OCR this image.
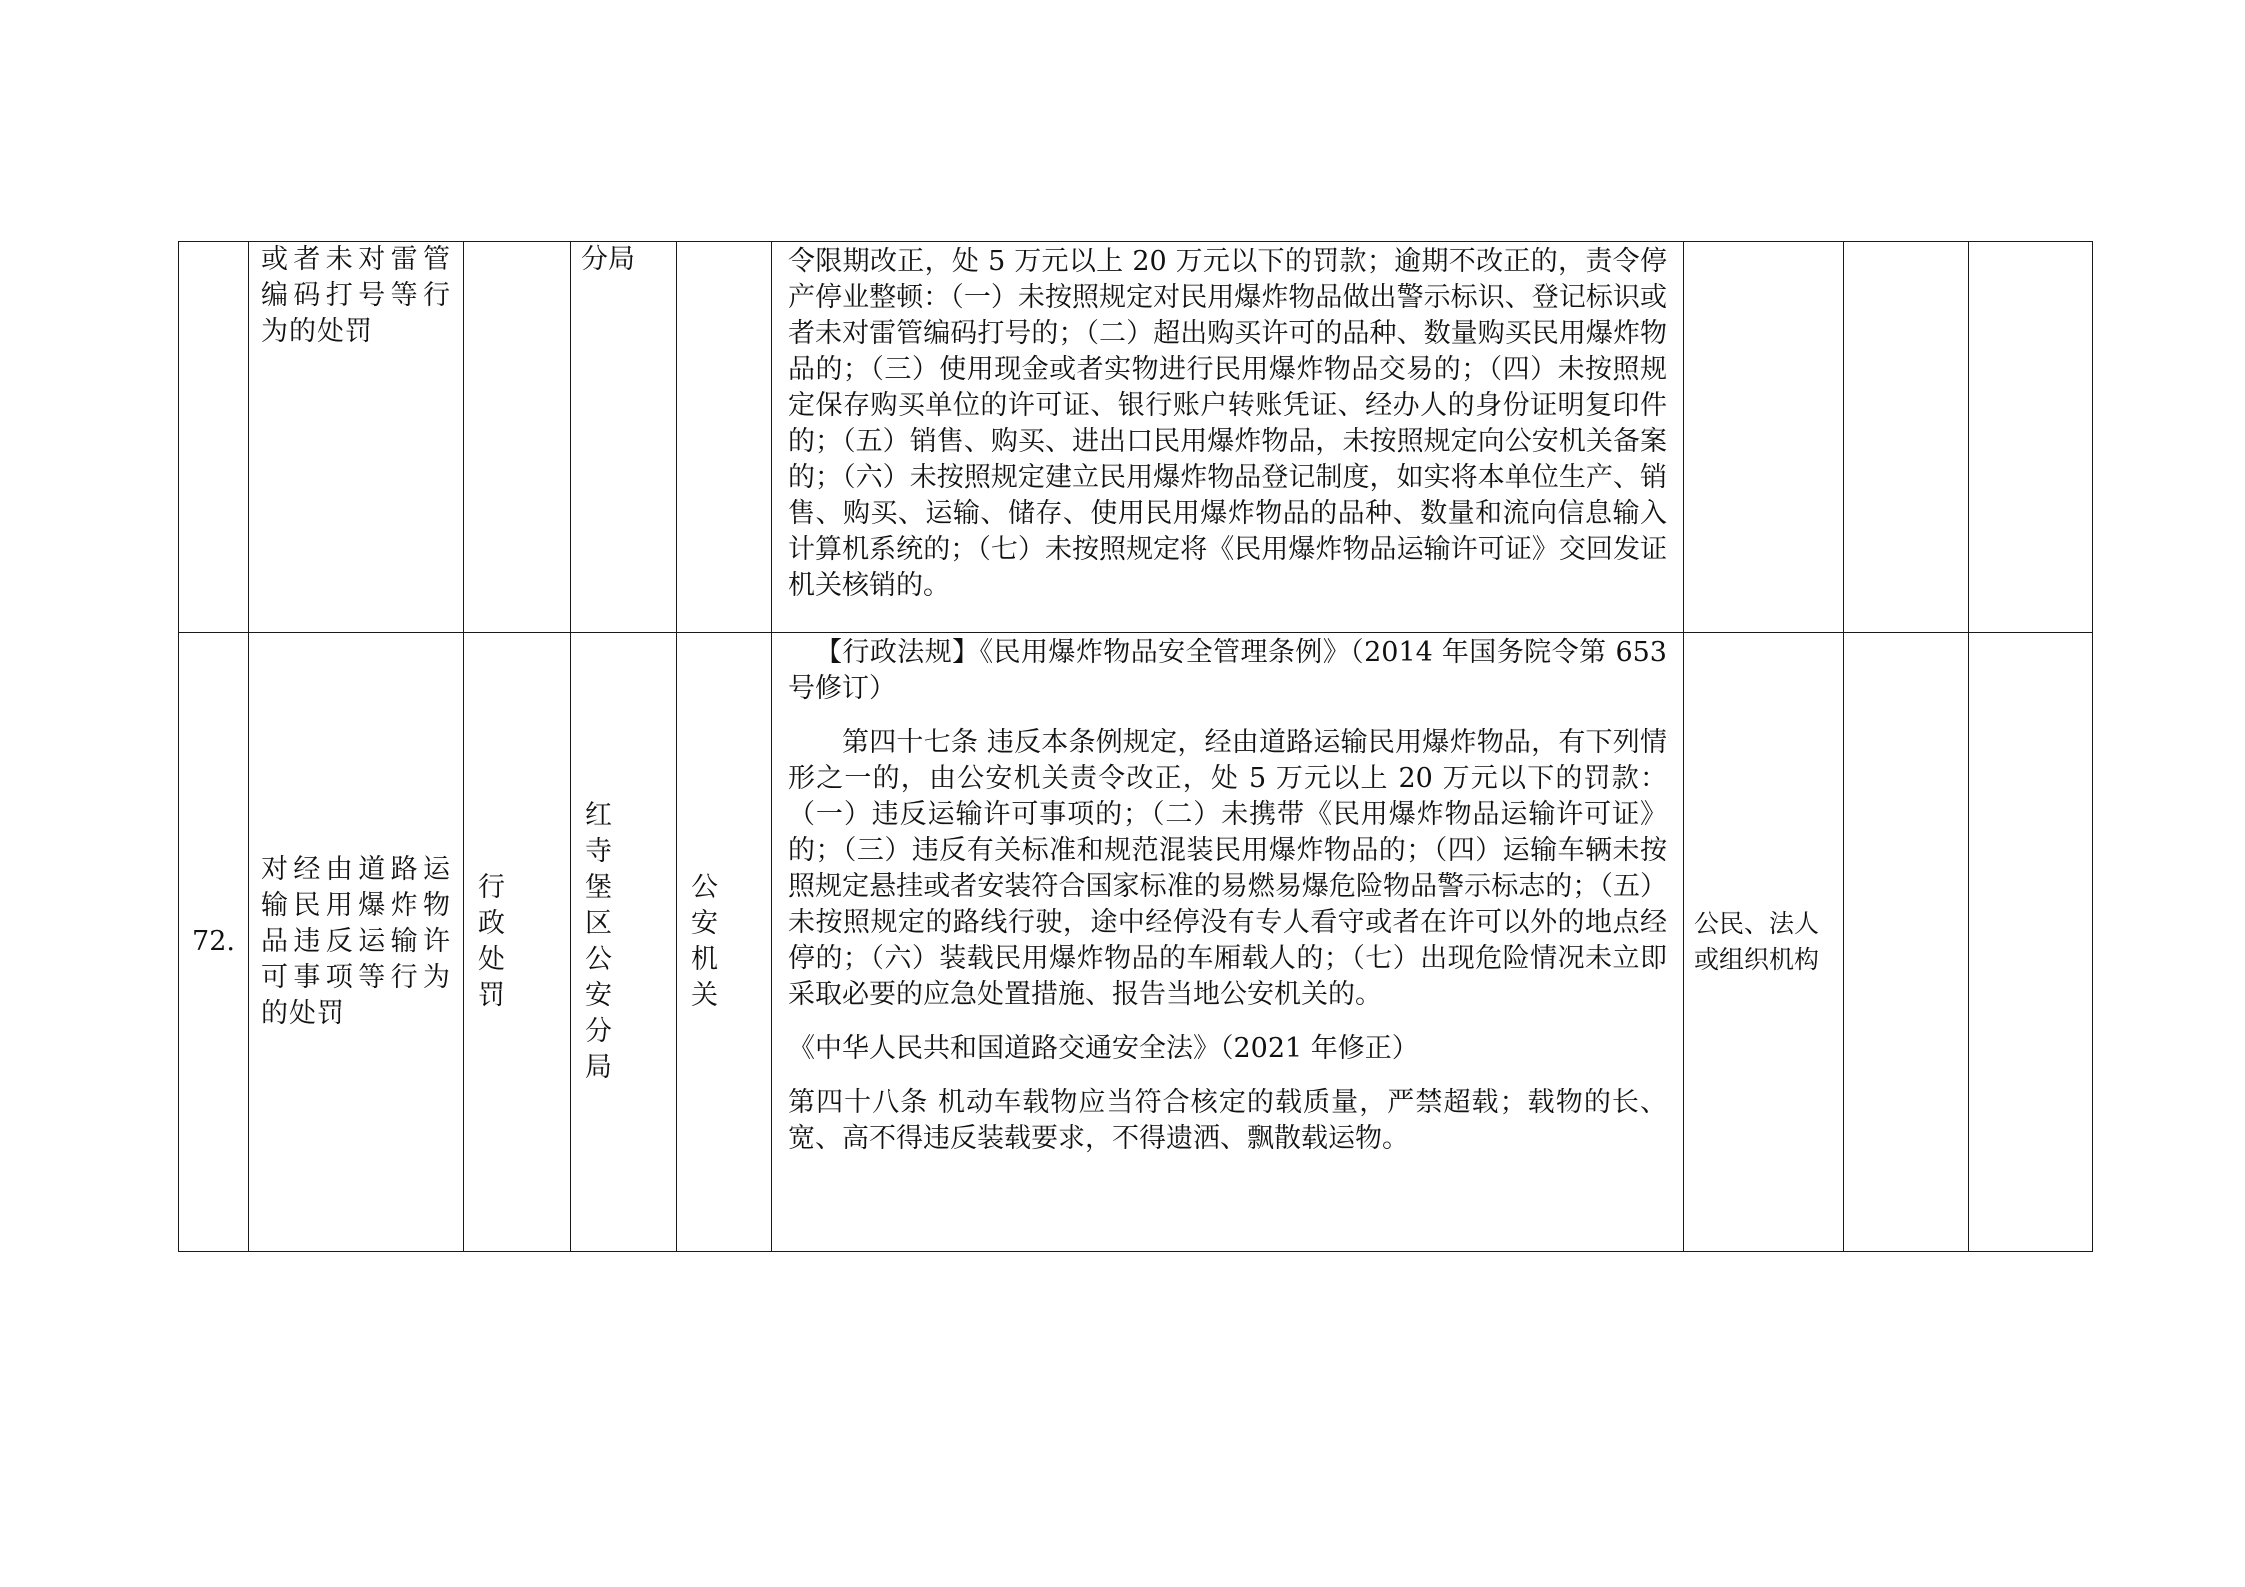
	或者未对雷管编码打号等行为的处罚		分局		令限期改正，处 5 万元以上 20 万元以下的罚款；逾期不改正的，责令停产停业整顿：（一）未按照规定对民用爆炸物品做出警示标识、登记标识或者未对雷管编码打号的；（二）超出购买许可的品种、数量购买民用爆炸物品的；（三）使用现金或者实物进行民用爆炸物品交易的；（四）未按照规定保存购买单位的许可证、银行账户转账凭证、经办人的身份证明复印件的；（五）销售、购买、进出口民用爆炸物品，未按照规定向公安机关备案的；（六）未按照规定建立民用爆炸物品登记制度，如实将本单位生产、销售、购买、运输、储存、使用民用爆炸物品的品种、数量和流向信息输入计算机系统的；（七）未按照规定将《民用爆炸物品运输许可证》交回发证机关核销的。			

72.	对经由道路运输民用爆炸物品违反运输许可事项等行为的处罚	行政处罚	红寺堡区公安分局	公安机关	【行政法规】《民用爆炸物品安全管理条例》（2014 年国务院令第 653 号修订）

第四十七条 违反本条例规定，经由道路运输民用爆炸物品，有下列情形之一的，由公安机关责令改正，处 5 万元以上 20 万元以下的罚款：（一）违反运输许可事项的；（二）未携带《民用爆炸物品运输许可证》的；（三）违反有关标准和规范混装民用爆炸物品的；（四）运输车辆未按照规定悬挂或者安装符合国家标准的易燃易爆危险物品警示标志的；（五）未按照规定的路线行驶，途中经停没有专人看守或者在许可以外的地点经停的；（六）装载民用爆炸物品的车厢载人的；（七）出现危险情况未立即采取必要的应急处置措施、报告当地公安机关的。

《中华人民共和国道路交通安全法》（2021 年修正）

第四十八条 机动车载物应当符合核定的载质量，严禁超载；载物的长、宽、高不得违反装载要求，不得遗洒、飘散载运物。	公民、法人或组织机构		
